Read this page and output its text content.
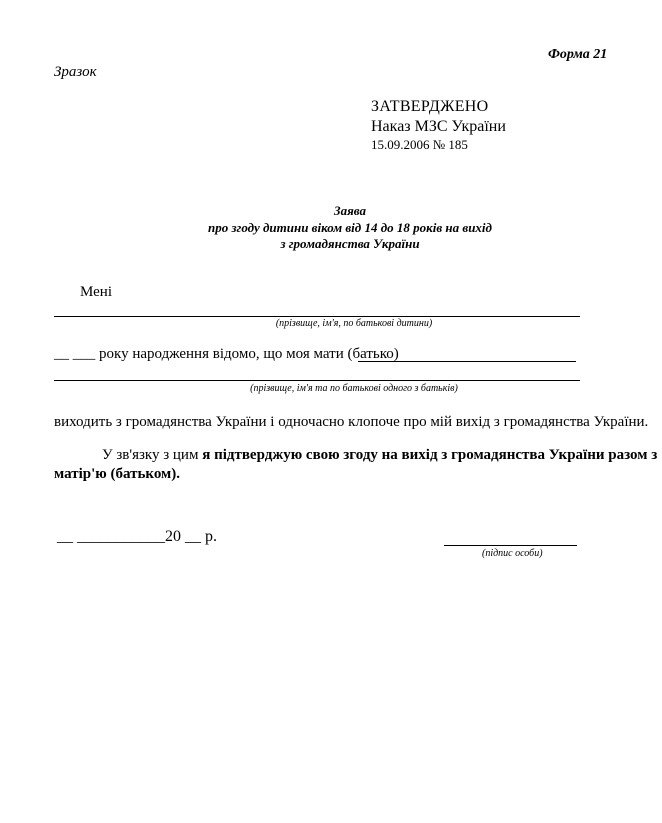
Форма 21
Зразок
ЗАТВЕРДЖЕНО
Наказ МЗС України
15.09.2006 № 185
Заява
про згоду дитини віком від 14 до 18 років на вихід
з громадянства України
Мені
(прізвище, ім'я, по батькові дитини)
__ ___ року народження відомо, що моя мати (батько)
(прізвище, ім'я та по батькові одного з батьків)
виходить з громадянства України і одночасно клопоче про мій вихід з громадянства України.
У зв'язку з цим я підтверджую свою згоду на вихід з громадянства України разом з
матір'ю (батьком).
__ ___________20 __ р.
(підпис особи)
